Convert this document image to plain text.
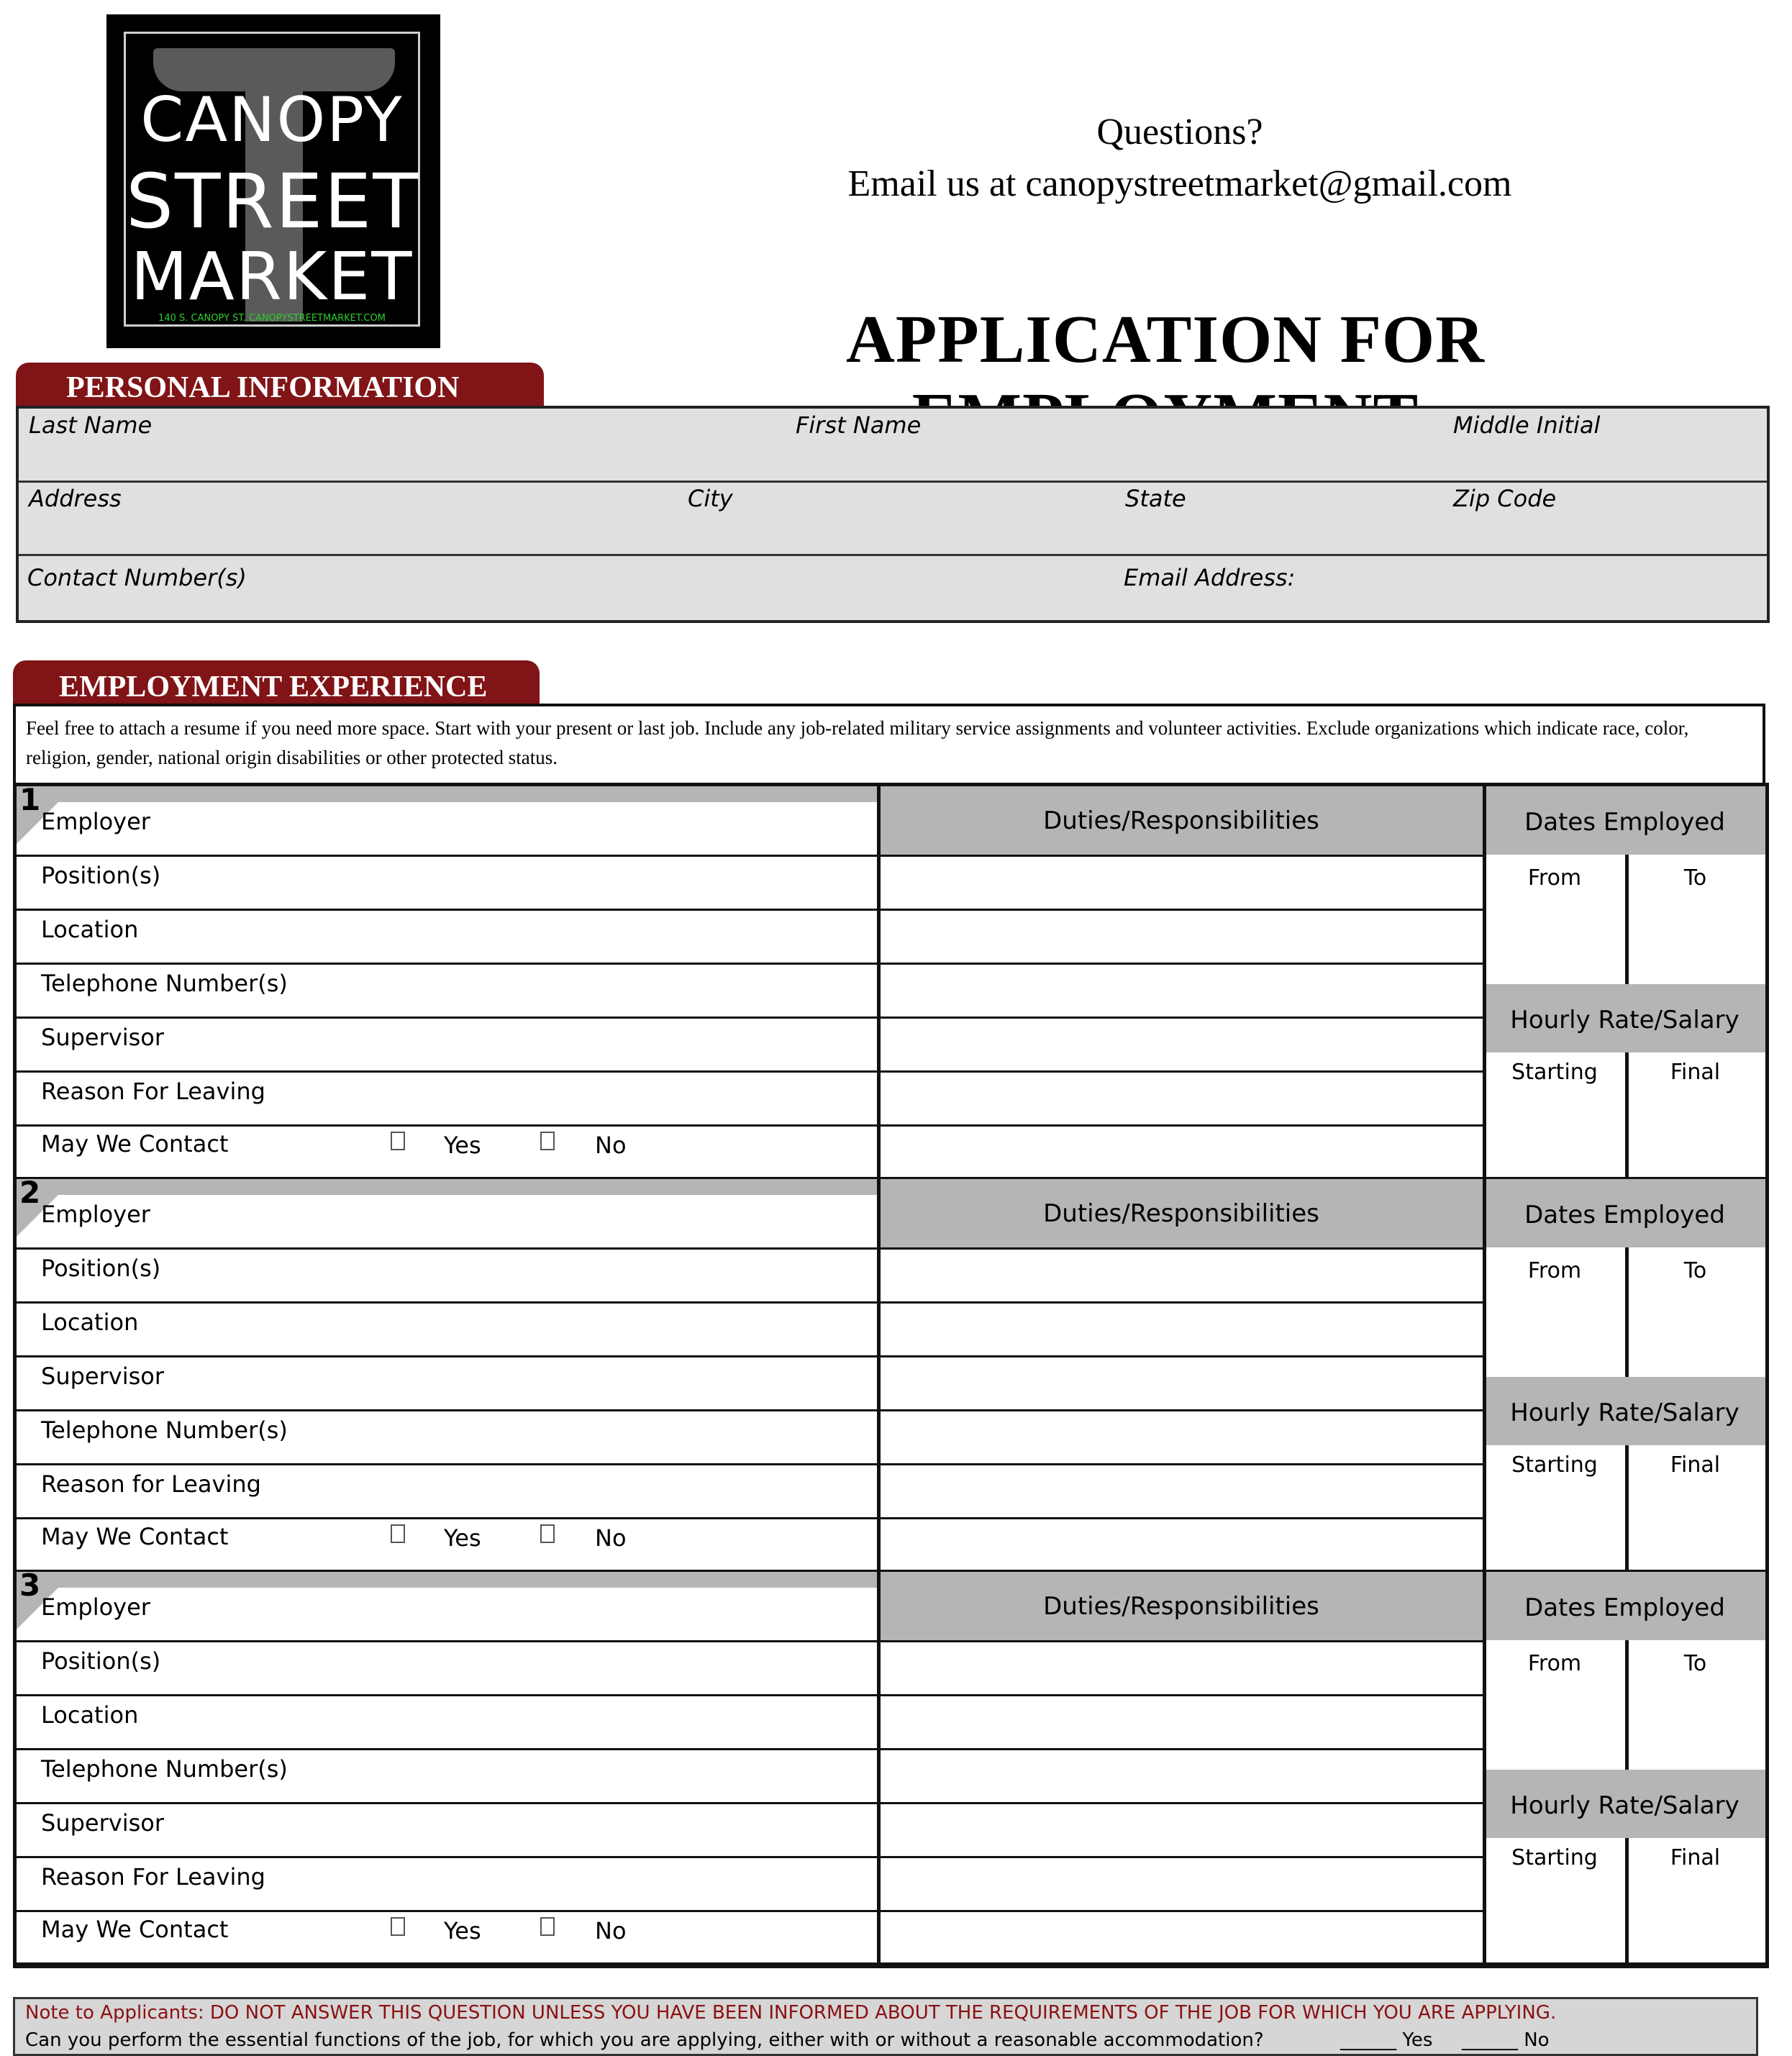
CANOPY
STREET
MARKET
140 S. CANOPY ST. CANOPYSTREETMARKET.COM
Questions?
Email us at canopystreetmarket@gmail.com
APPLICATION FOR
PERSONAL INFORMATION
Last Name	First Name	Middle Initial
Address	City	State	Zip Code
Contact Number(s)	Email Address:
EMPLOYMENT EXPERIENCE
Feel free to attach a resume if you need more space. Start with your present or last job. Include any job-related military service assignments and volunteer activities. Exclude organizations which indicate race, color, religion, gender, national origin disabilities or other protected status.
1
Employer
Position(s)
Location
Telephone Number(s)
Supervisor
Reason For Leaving
May We Contact	Yes	No
Duties/Responsibilities	Dates Employed
From	To
Hourly Rate/Salary
Starting	Final
2
Employer
Position(s)
Location
Supervisor
Telephone Number(s)
Reason for Leaving
May We Contact	Yes	No
Duties/Responsibilities	Dates Employed
From	To
Hourly Rate/Salary
Starting	Final
3
Employer
Position(s)
Location
Telephone Number(s)
Supervisor
Reason For Leaving
May We Contact	Yes	No
Duties/Responsibilities	Dates Employed
From	To
Hourly Rate/Salary
Starting	Final
Note to Applicants: DO NOT ANSWER THIS QUESTION UNLESS YOU HAVE BEEN INFORMED ABOUT THE REQUIREMENTS OF THE JOB FOR WHICH YOU ARE APPLYING.
Can you perform the essential functions of the job, for which you are applying, either with or without a reasonable accommodation?	______ Yes ______ No
